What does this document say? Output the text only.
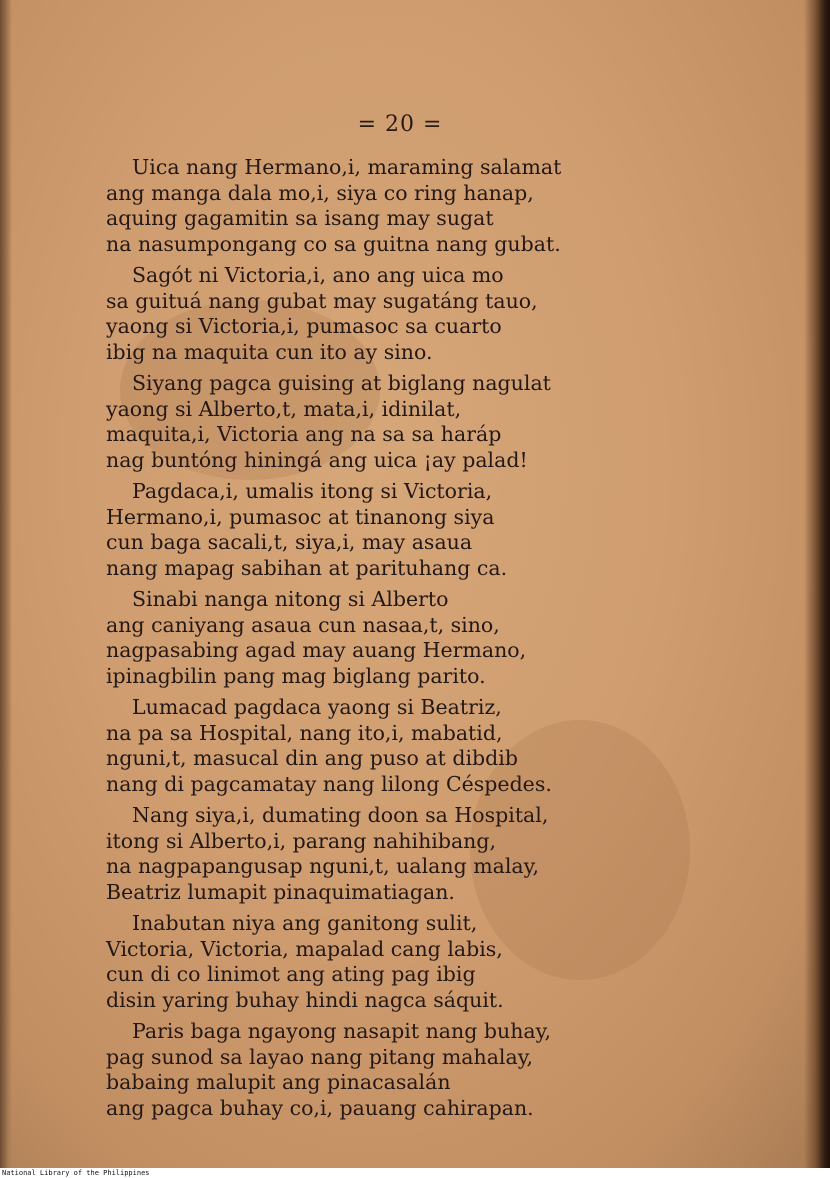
= 20 =
Uica nang Hermano,i, maraming salamat
ang manga dala mo,i, siya co ring hanap,
aquing gagamitin sa isang may sugat
na nasumpongang co sa guitna nang gubat.
Sagót ni Victoria,i, ano ang uica mo
sa guituá nang gubat may sugatáng tauo,
yaong si Victoria,i, pumasoc sa cuarto
ibig na maquita cun ito ay sino.
Siyang pagca guising at biglang nagulat
yaong si Alberto,t, mata,i, idinilat,
maquita,i, Victoria ang na sa sa haráp
nag buntóng hiningá ang uica ¡ay palad!
Pagdaca,i, umalis itong si Victoria,
Hermano,i, pumasoc at tinanong siya
cun baga sacali,t, siya,i, may asaua
nang mapag sabihan at parituhang ca.
Sinabi nanga nitong si Alberto
ang caniyang asaua cun nasaa,t, sino,
nagpasabing agad may auang Hermano,
ipinagbilin pang mag biglang parito.
Lumacad pagdaca yaong si Beatriz,
na pa sa Hospital, nang ito,i, mabatid,
nguni,t, masucal din ang puso at dibdib
nang di pagcamatay nang lilong Céspedes.
Nang siya,i, dumating doon sa Hospital,
itong si Alberto,i, parang nahihibang,
na nagpapangusap nguni,t, ualang malay,
Beatriz lumapit pinaquimatiagan.
Inabutan niya ang ganitong sulit,
Victoria, Victoria, mapalad cang labis,
cun di co linimot ang ating pag ibig
disin yaring buhay hindi nagca sáquit.
Paris baga ngayong nasapit nang buhay,
pag sunod sa layao nang pitang mahalay,
babaing malupit ang pinacasalán
ang pagca buhay co,i, pauang cahirapan.
National Library of the Philippines
